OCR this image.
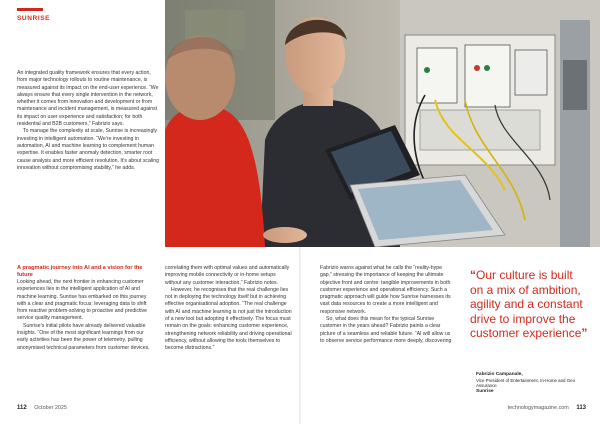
SUNRISE

An integrated quality framework ensures that every action, from major technology rollouts to routine maintenance, is measured against its impact on the end-user experience. “We always ensure that every single intervention in the network, whether it comes from innovation and development or from maintenance and incident management, is measured against its impact on user experience and satisfaction; for both residential and B2B customers,” Fabrizio says.

To manage the complexity at scale, Sunrise is increasingly investing in intelligent automation. “We’re investing in automation, AI and machine learning to complement human expertise. It enables faster anomaly detection, smarter root cause analysis and more efficient resolution. It’s about scaling innovation without compromising stability,” he adds.

A pragmatic journey into AI and a vision for the future

Looking ahead, the next frontier in enhancing customer experiences lies in the intelligent application of AI and machine learning. Sunrise has embarked on this journey with a clear and pragmatic focus: leveraging data to shift from reactive problem-solving to proactive and predictive service quality management.

Sunrise’s initial pilots have already delivered valuable insights. “One of the most significant learnings from our early activities has been the power of telemetry, pulling anonymised technical parameters from customer devices,

correlating them with optimal values and automatically improving mobile connectivity or in-home setups without any customer interaction,” Fabrizio notes.

However, he recognises that the real challenge lies not in deploying the technology itself but in achieving effective organisational adoption. “The real challenge with AI and machine learning is not just the introduction of a new tool but adopting it effectively. The focus must remain on the goals: enhancing customer experience, strengthening network reliability and driving operational efficiency, without allowing the tools themselves to become distractions.”

112 October 2025

Fabrizio warns against what he calls the “reality-hype gap,” stressing the importance of keeping the ultimate objective front and centre: tangible improvements in both customer experience and operational efficiency. Such a pragmatic approach will guide how Sunrise harnesses its vast data resources to create a more intelligent and responsive network.

So, what does this mean for the typical Sunrise customer in the years ahead? Fabrizio paints a clear picture of a seamless and reliable future. “AI will allow us to observe service performance more deeply, discovering

technologymagazine.com 113
“Our culture is built on a mix of ambition, agility and a constant drive to improve the customer experience”
Fabrizio Campanale,
Vice President of Entertainment, In-Home and Geo Assurance
Sunrise
